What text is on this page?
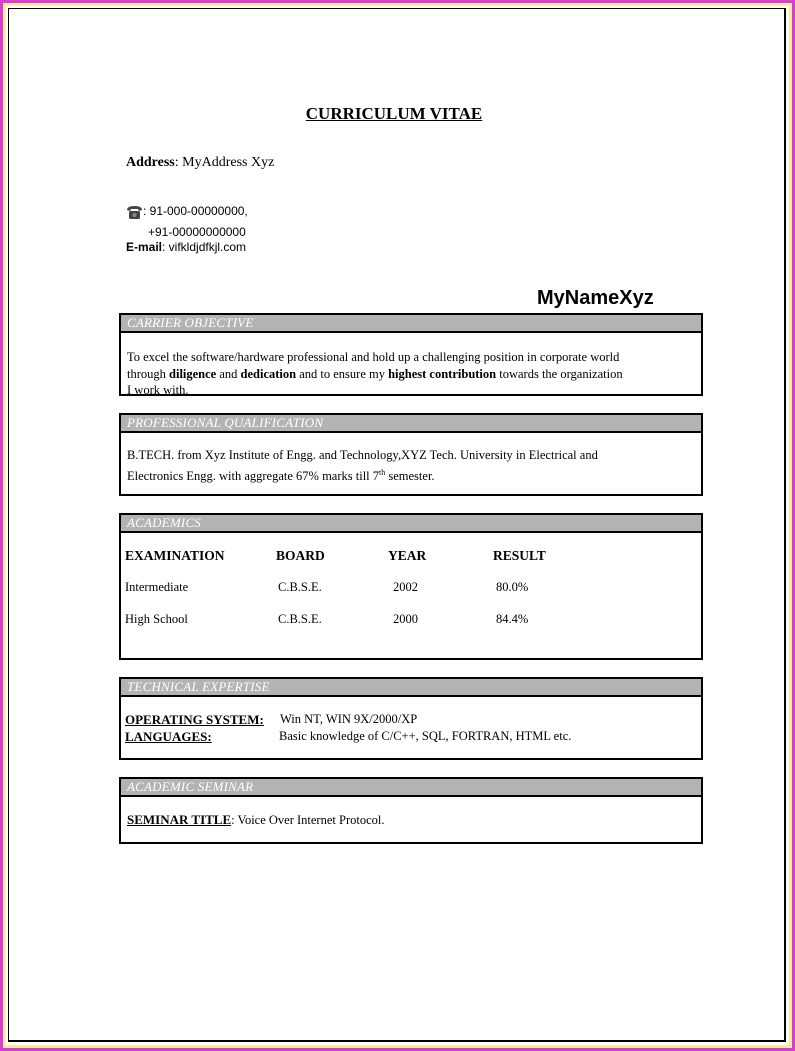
CURRICULUM VITAE
Address: MyAddress Xyz
: 91-000-00000000,
+91-00000000000
E-mail: vifkldjdfkjl.com
MyNameXyz
CARRIER OBJECTIVE
To excel the software/hardware professional and hold up a challenging position in corporate world
through diligence and dedication and to ensure my highest contribution towards the organization
I work with.
PROFESSIONAL QUALIFICATION
B.TECH. from Xyz Institute of Engg. and Technology,XYZ Tech. University in Electrical and
Electronics Engg. with aggregate 67% marks till 7th semester.
ACADEMICS
EXAMINATION	BOARD	YEAR	RESULT
Intermediate	C.B.S.E.	2002	80.0%
High School	C.B.S.E.	2000	84.4%
TECHNICAL EXPERTISE
OPERATING SYSTEM: Win NT, WIN 9X/2000/XP
LANGUAGES:	Basic knowledge of C/C++, SQL, FORTRAN, HTML etc.
ACADEMIC SEMINAR
SEMINAR TITLE: Voice Over Internet Protocol.
